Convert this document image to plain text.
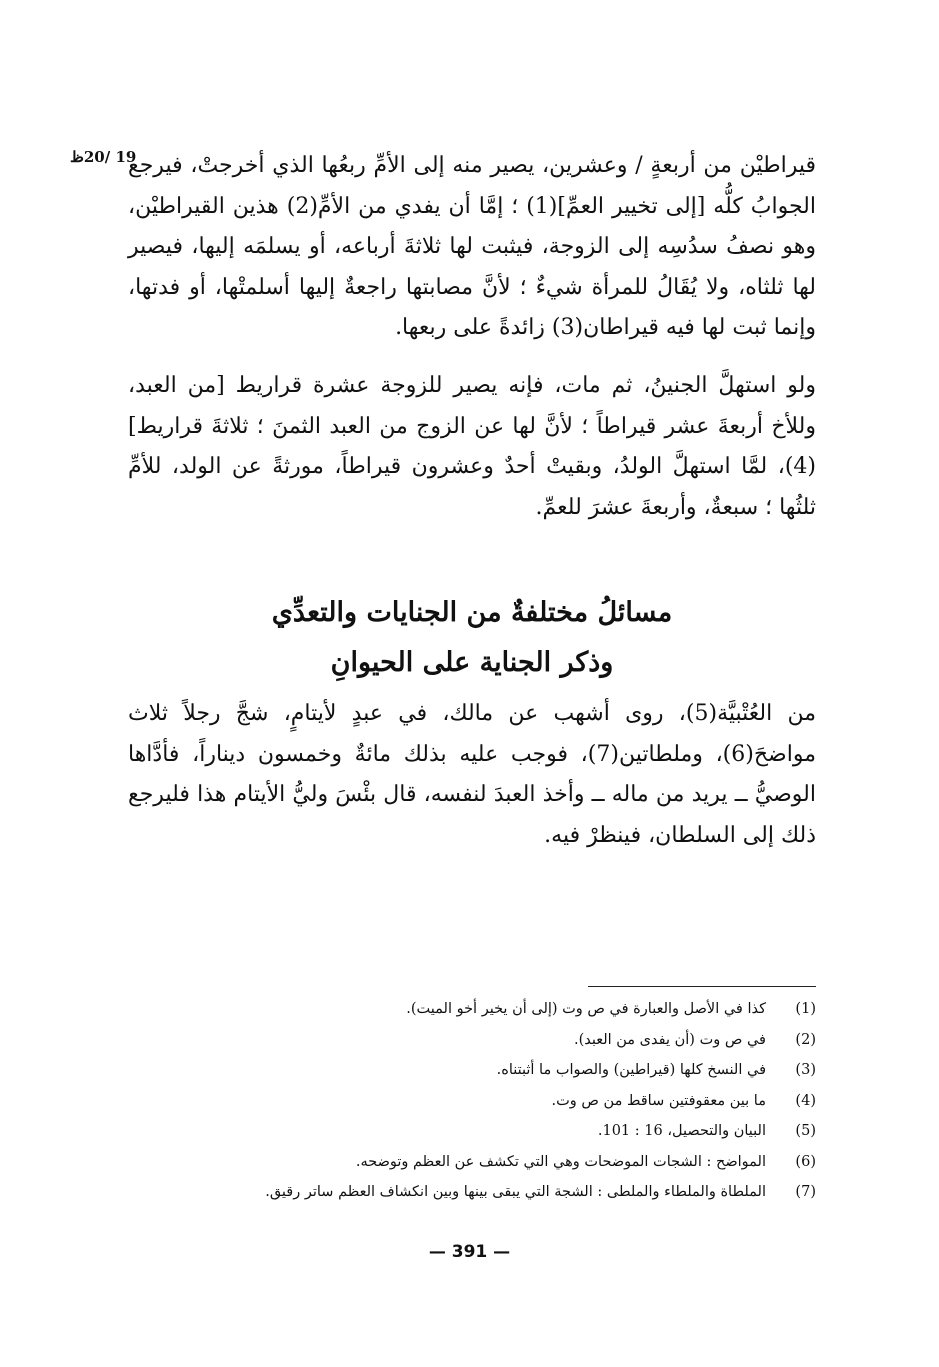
19 /20ظ

قيراطيْن من أربعةٍ / وعشرين، يصير منه إلى الأمِّ ربعُها الذي أخرجتْ، فيرجع الجوابُ كلُّه [إلى تخيير العمِّ](1) ؛ إمَّا أن يفدي من الأمِّ(2) هذين القيراطيْن، وهو نصفُ سدُسِه إلى الزوجة، فيثبت لها ثلاثةَ أرباعه، أو يسلمَه إليها، فيصير لها ثلثاه، ولا يُقَالُ للمرأة شيءٌ ؛ لأنَّ مصابتها راجعةٌ إليها أسلمتْها، أو فدتها، وإنما ثبت لها فيه قيراطان(3) زائدةً على ربعها.

ولو استهلَّ الجنينُ، ثم مات، فإنه يصير للزوجة عشرة قراريط [من العبد، وللأخ أربعةَ عشر قيراطاً ؛ لأنَّ لها عن الزوج من العبد الثمنَ ؛ ثلاثةَ قراريط](4)، لمَّا استهلَّ الولدُ، وبقيتْ أحدٌ وعشرون قيراطاً، مورثةً عن الولد، للأمِّ ثلثُها ؛ سبعةٌ، وأربعةَ عشرَ للعمِّ.

مسائلُ مختلفةٌ من الجنايات والتعدِّي
وذكر الجناية على الحيوانِ

من العُتْبيَّة(5)، روى أشهب عن مالك، في عبدٍ لأيتامٍ، شجَّ رجلاً ثلاث مواضحَ(6)، وملطاتين(7)، فوجب عليه بذلك مائةٌ وخمسون ديناراً، فأدَّاها الوصيُّ ــ يريد من ماله ــ وأخذ العبدَ لنفسه، قال بئْسَ وليُّ الأيتام هذا فليرجع ذلك إلى السلطان، فينظرْ فيه.

(1)
كذا في الأصل والعبارة في ص وت (إلى أن يخير أخو الميت).
(2)
في ص وت (أن يفدى من العبد).
(3)
في النسخ كلها (قيراطين) والصواب ما أثبتناه.
(4)
ما بين معقوفتين ساقط من ص وت.
(5)
البيان والتحصيل، 16 : 101.
(6)
المواضح : الشجات الموضحات وهي التي تكشف عن العظم وتوضحه.
(7)
الملطاة والملطاء والملطى : الشجة التي يبقى بينها وبين انكشاف العظم ساتر رقيق.
— 391 —
